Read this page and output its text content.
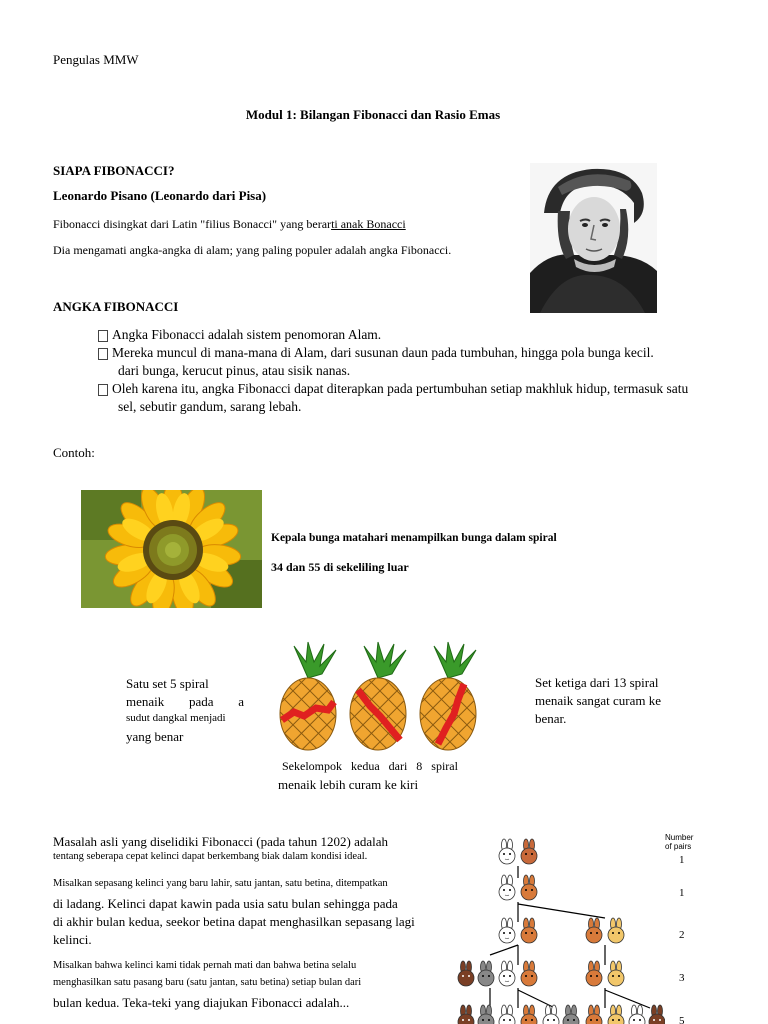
Pengulas MMW
Modul 1: Bilangan Fibonacci dan Rasio Emas
SIAPA FIBONACCI?
Leonardo Pisano (Leonardo dari Pisa)
Fibonacci disingkat dari Latin "filius Bonacci" yang berarti anak Bonacci
Dia mengamati angka-angka di alam; yang paling populer adalah angka Fibonacci.
ANGKA FIBONACCI
Angka Fibonacci adalah sistem penomoran Alam.
Mereka muncul di mana-mana di Alam, dari susunan daun pada tumbuhan, hingga pola bunga kecil.
dari bunga, kerucut pinus, atau sisik nanas.
Oleh karena itu, angka Fibonacci dapat diterapkan pada pertumbuhan setiap makhluk hidup, termasuk satu
sel, sebutir gandum, sarang lebah.
Contoh:
Kepala bunga matahari menampilkan bunga dalam spiral
34 dan 55 di sekeliling luar
Satu set 5 spiral
menaik pada a
sudut dangkal menjadi
yang benar
Sekelompok kedua dari 8 spiral
menaik lebih curam ke kiri
Set ketiga dari 13 spiral
menaik sangat curam ke
benar.
Masalah asli yang diselidiki Fibonacci (pada tahun 1202) adalah
tentang seberapa cepat kelinci dapat berkembang biak dalam kondisi ideal.
Misalkan sepasang kelinci yang baru lahir, satu jantan, satu betina, ditempatkan
di ladang. Kelinci dapat kawin pada usia satu bulan sehingga pada
di akhir bulan kedua, seekor betina dapat menghasilkan sepasang lagi
kelinci.
Misalkan bahwa kelinci kami tidak pernah mati dan bahwa betina selalu
menghasilkan satu pasang baru (satu jantan, satu betina) setiap bulan dari
bulan kedua. Teka-teki yang diajukan Fibonacci adalah...
Number
of pairs
1
1
2
3
5
